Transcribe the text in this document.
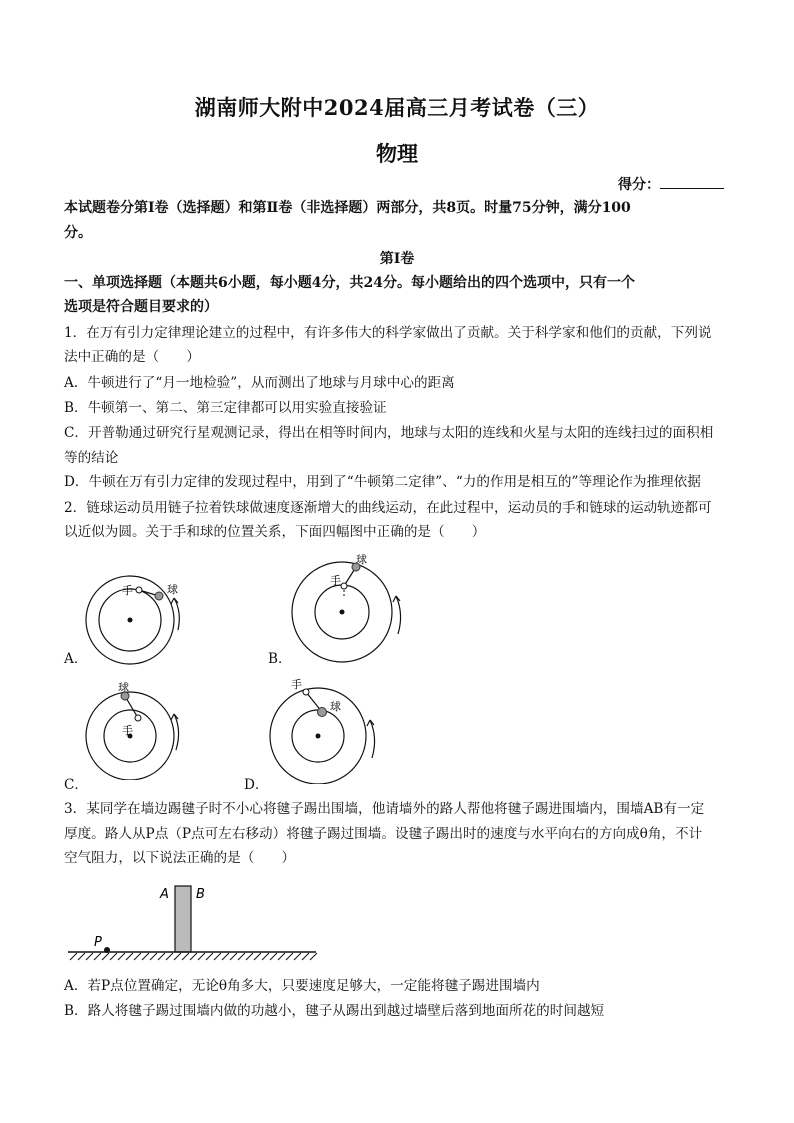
湖南师大附中2024届高三月考试卷（三）
物理
得分：
本试题卷分第Ⅰ卷（选择题）和第Ⅱ卷（非选择题）两部分，共8页。时量75分钟，满分100
分。
第Ⅰ卷
一、单项选择题（本题共6小题，每小题4分，共24分。每小题给出的四个选项中，只有一个
选项是符合题目要求的）
1．在万有引力定律理论建立的过程中，有许多伟大的科学家做出了贡献。关于科学家和他们的贡献，下列说
法中正确的是（　　）
A．牛顿进行了“月一地检验”，从而测出了地球与月球中心的距离
B．牛顿第一、第二、第三定律都可以用实验直接验证
C．开普勒通过研究行星观测记录，得出在相等时间内，地球与太阳的连线和火星与太阳的连线扫过的面积相
等的结论
D．牛顿在万有引力定律的发现过程中，用到了“牛顿第二定律”、“力的作用是相互的”等理论作为推理依据
2．链球运动员用链子拉着铁球做速度逐渐增大的曲线运动，在此过程中，运动员的手和链球的运动轨迹都可
以近似为圆。关于手和球的位置关系，下面四幅图中正确的是（　　）
手	球
A．
手
球
B．
球
手
C．
手
球
D．
3．某同学在墙边踢毽子时不小心将毽子踢出围墙，他请墙外的路人帮他将毽子踢进围墙内，围墙AB有一定
厚度。路人从P点（P点可左右移动）将毽子踢过围墙。设毽子踢出时的速度与水平向右的方向成θ角，不计
空气阻力，以下说法正确的是（　　）
A B
P
A．若P点位置确定，无论θ角多大，只要速度足够大，一定能将毽子踢进围墙内
B．路人将毽子踢过围墙内做的功越小，毽子从踢出到越过墙壁后落到地面所花的时间越短
